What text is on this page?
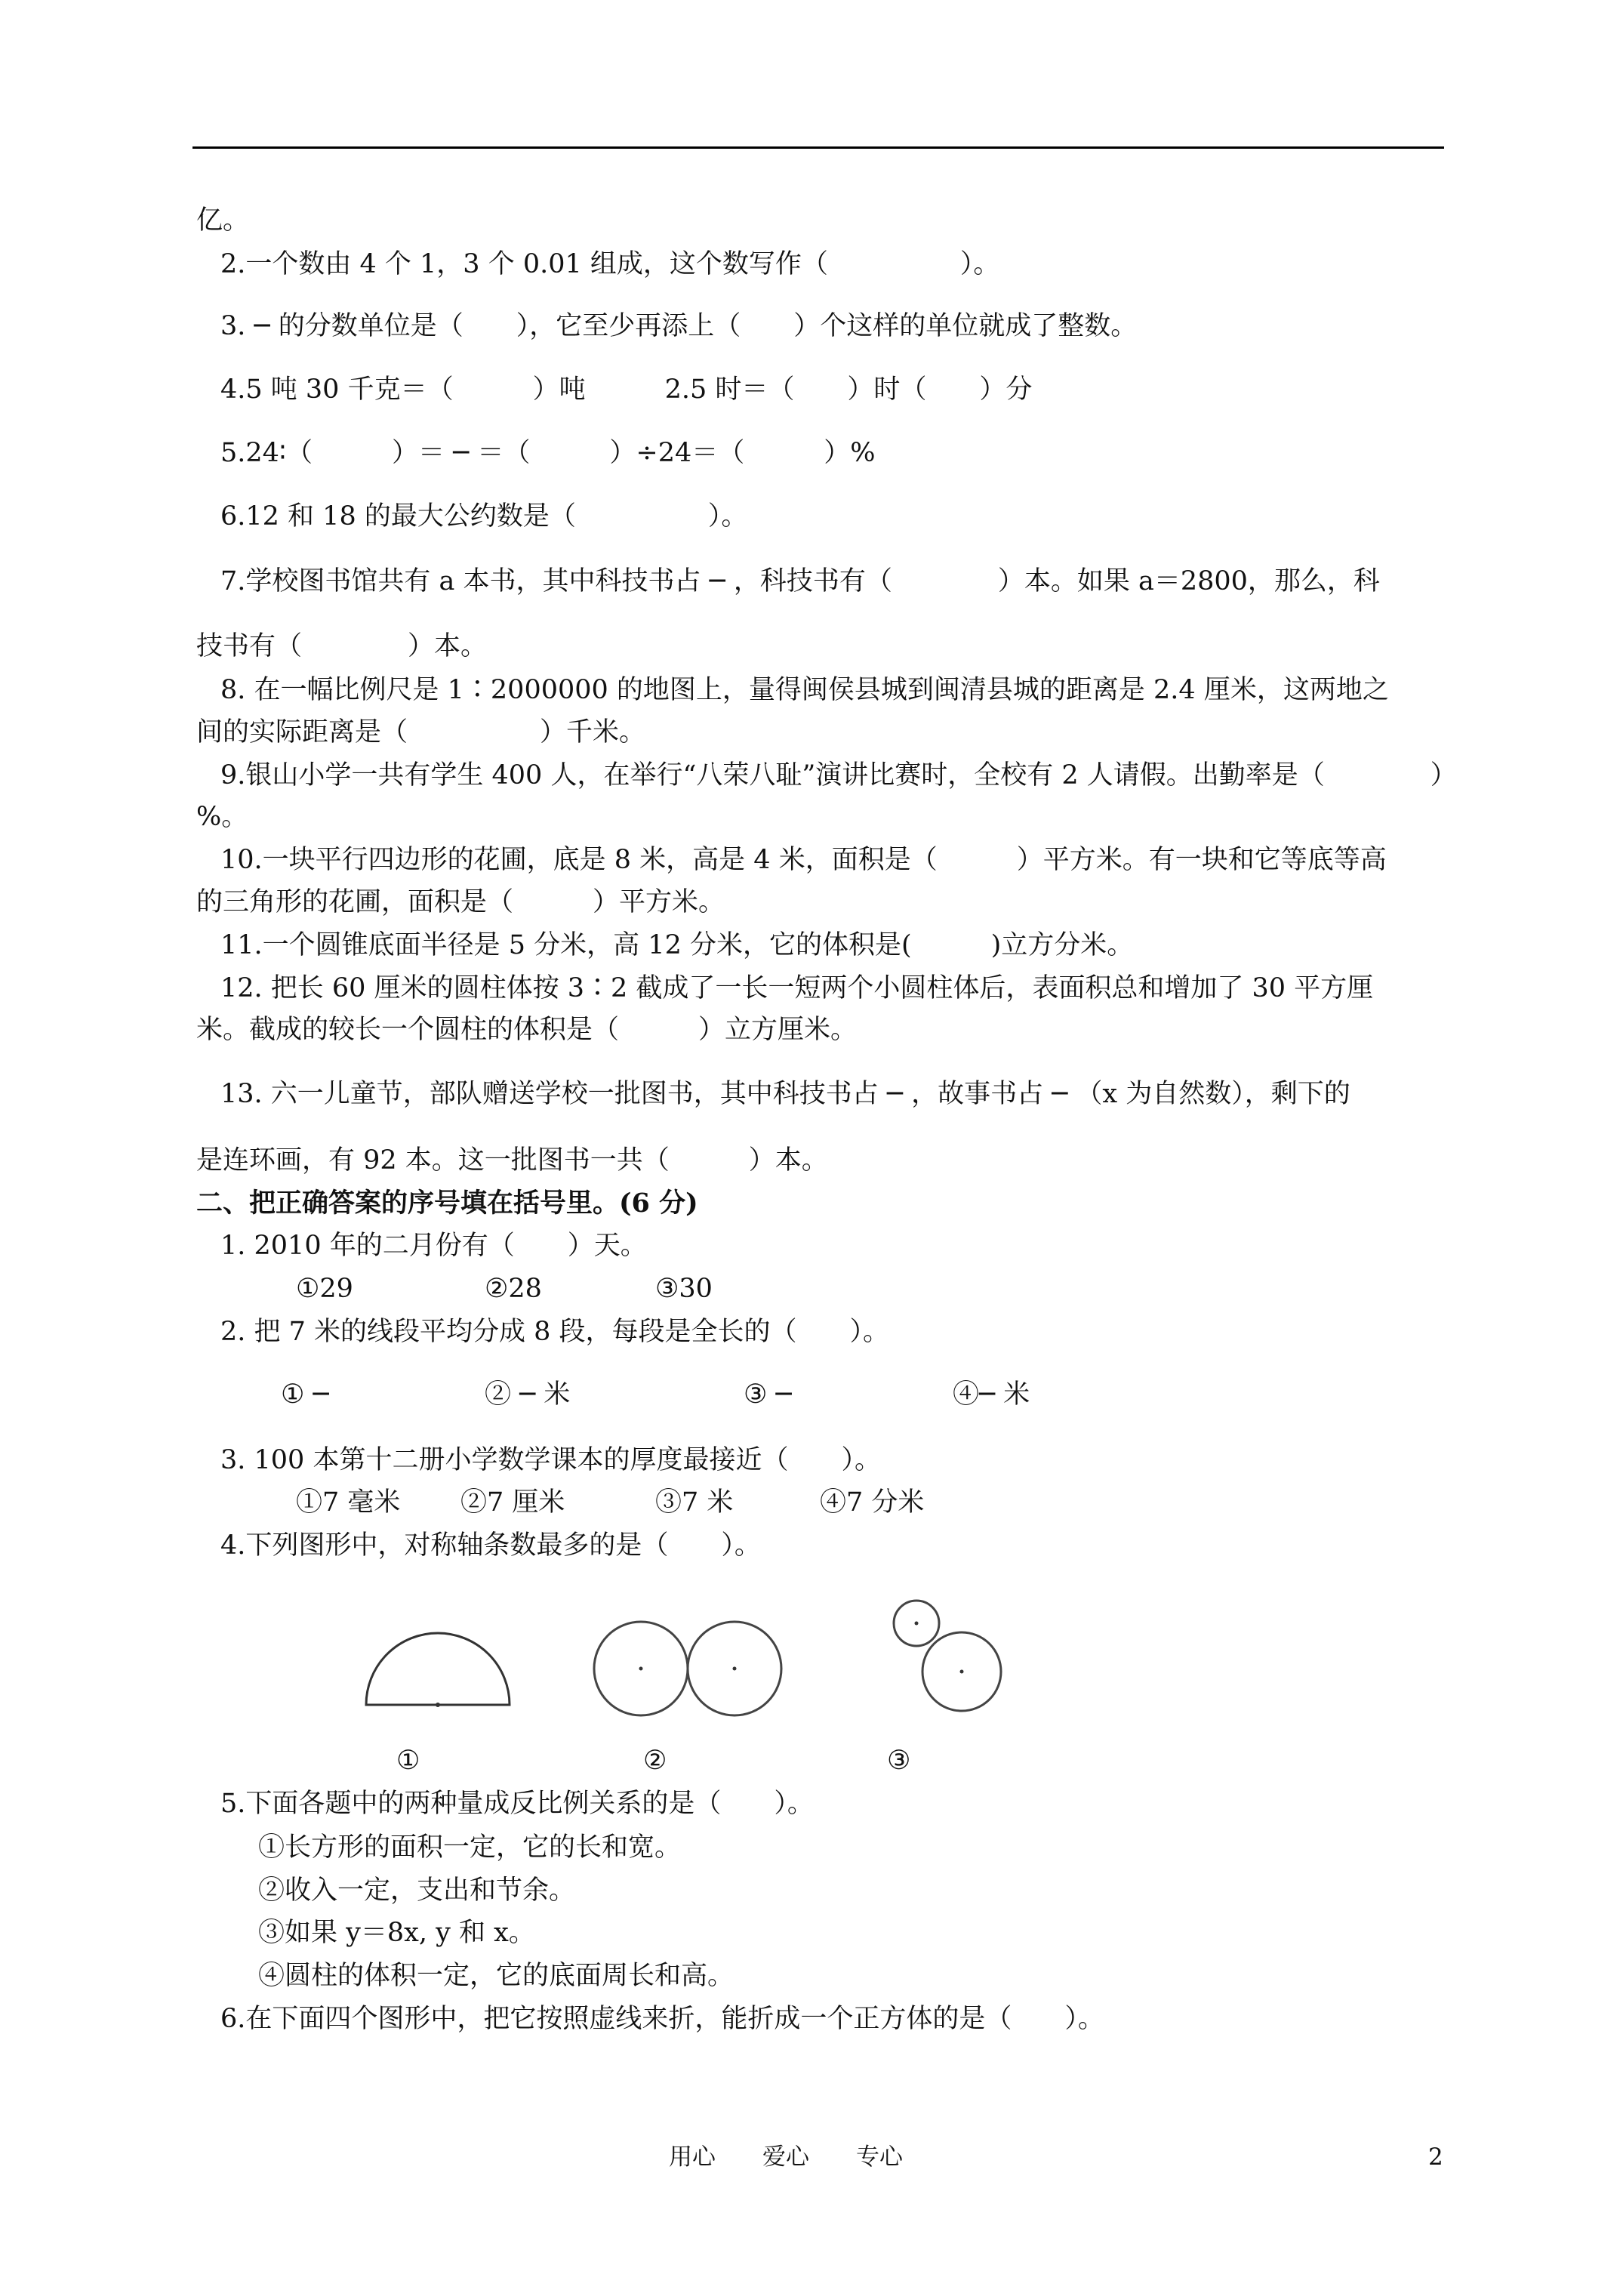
亿。
2.一个数由 4 个 1，3 个 0.01 组成，这个数写作（　　　　　）。
3. ─ 的分数单位是（　　），它至少再添上（　　）个这样的单位就成了整数。
4.5 吨 30 千克＝（　　　）吨　　　2.5 时＝（　　）时（　　）分
5.24∶（　　　）＝ ─ ＝（　　　）÷24＝（　　　）%
6.12 和 18 的最大公约数是（　　　　　）。
7.学校图书馆共有 a 本书，其中科技书占 ─ ，科技书有（　　　　）本。如果 a＝2800，那么，科
技书有（　　　　）本。
8. 在一幅比例尺是 1∶2000000 的地图上，量得闽侯县城到闽清县城的距离是 2.4 厘米，这两地之
间的实际距离是（　　　　　）千米。
9.银山小学一共有学生 400 人，在举行“八荣八耻”演讲比赛时，全校有 2 人请假。出勤率是（　　　　）
%。
10.一块平行四边形的花圃，底是 8 米，高是 4 米，面积是（　　　）平方米。有一块和它等底等高
的三角形的花圃，面积是（　　　）平方米。
11.一个圆锥底面半径是 5 分米，高 12 分米，它的体积是(　　　)立方分米。
12. 把长 60 厘米的圆柱体按 3∶2 截成了一长一短两个小圆柱体后，表面积总和增加了 30 平方厘
米。截成的较长一个圆柱的体积是（　　　）立方厘米。
13. 六一儿童节，部队赠送学校一批图书，其中科技书占 ─ ，故事书占 ─ （x 为自然数），剩下的
是连环画，有 92 本。这一批图书一共（　　　）本。
二、把正确答案的序号填在括号里。(6 分)
1. 2010 年的二月份有（　　）天。
①29	②28	③30
2. 把 7 米的线段平均分成 8 段，每段是全长的（　　）。
① ─	② ─ 米	③ ─	④─ 米
3. 100 本第十二册小学数学课本的厚度最接近（　　）。
①7 毫米 ②7 厘米	③7 米	④7 分米
4.下列图形中，对称轴条数最多的是（　　）。
①	②	③
5.下面各题中的两种量成反比例关系的是（　　）。
①长方形的面积一定，它的长和宽。
②收入一定，支出和节余。
③如果 y＝8x, y 和 x。
④圆柱的体积一定，它的底面周长和高。
6.在下面四个图形中，把它按照虚线来折，能折成一个正方体的是（　　）。
用心　　爱心　　专心	2
